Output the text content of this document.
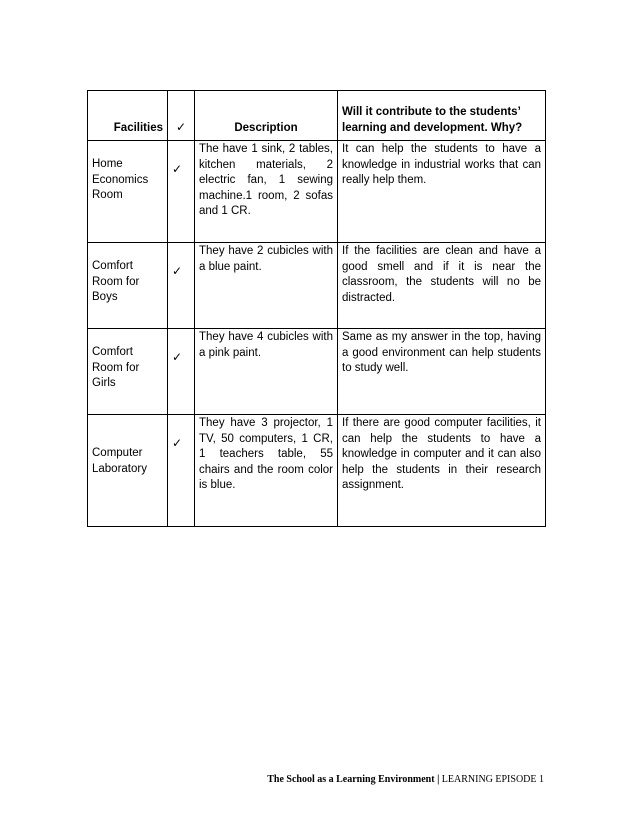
Facilities	✓	Description	Will it contribute to the students’ learning and development. Why?
Home Economics Room	✓	The have 1 sink, 2 tables, kitchen materials, 2 electric fan, 1 sewing machine.1 room, 2 sofas and 1 CR.	It can help the students to have a knowledge in industrial works that can really help them.
Comfort Room for Boys	✓	They have 2 cubicles with a blue paint.	If the facilities are clean and have a good smell and if it is near the classroom, the students will no be distracted.
Comfort Room for Girls	✓	They have 4 cubicles with a pink paint.	Same as my answer in the top, having a good environment can help students to study well.
Computer Laboratory	✓	They have 3 projector, 1 TV, 50 computers, 1 CR, 1 teachers table, 55 chairs and the room color is blue.	If there are good computer facilities, it can help the students to have a knowledge in computer and it can also help the students in their research assignment.
The School as a Learning Environment | LEARNING EPISODE 1
